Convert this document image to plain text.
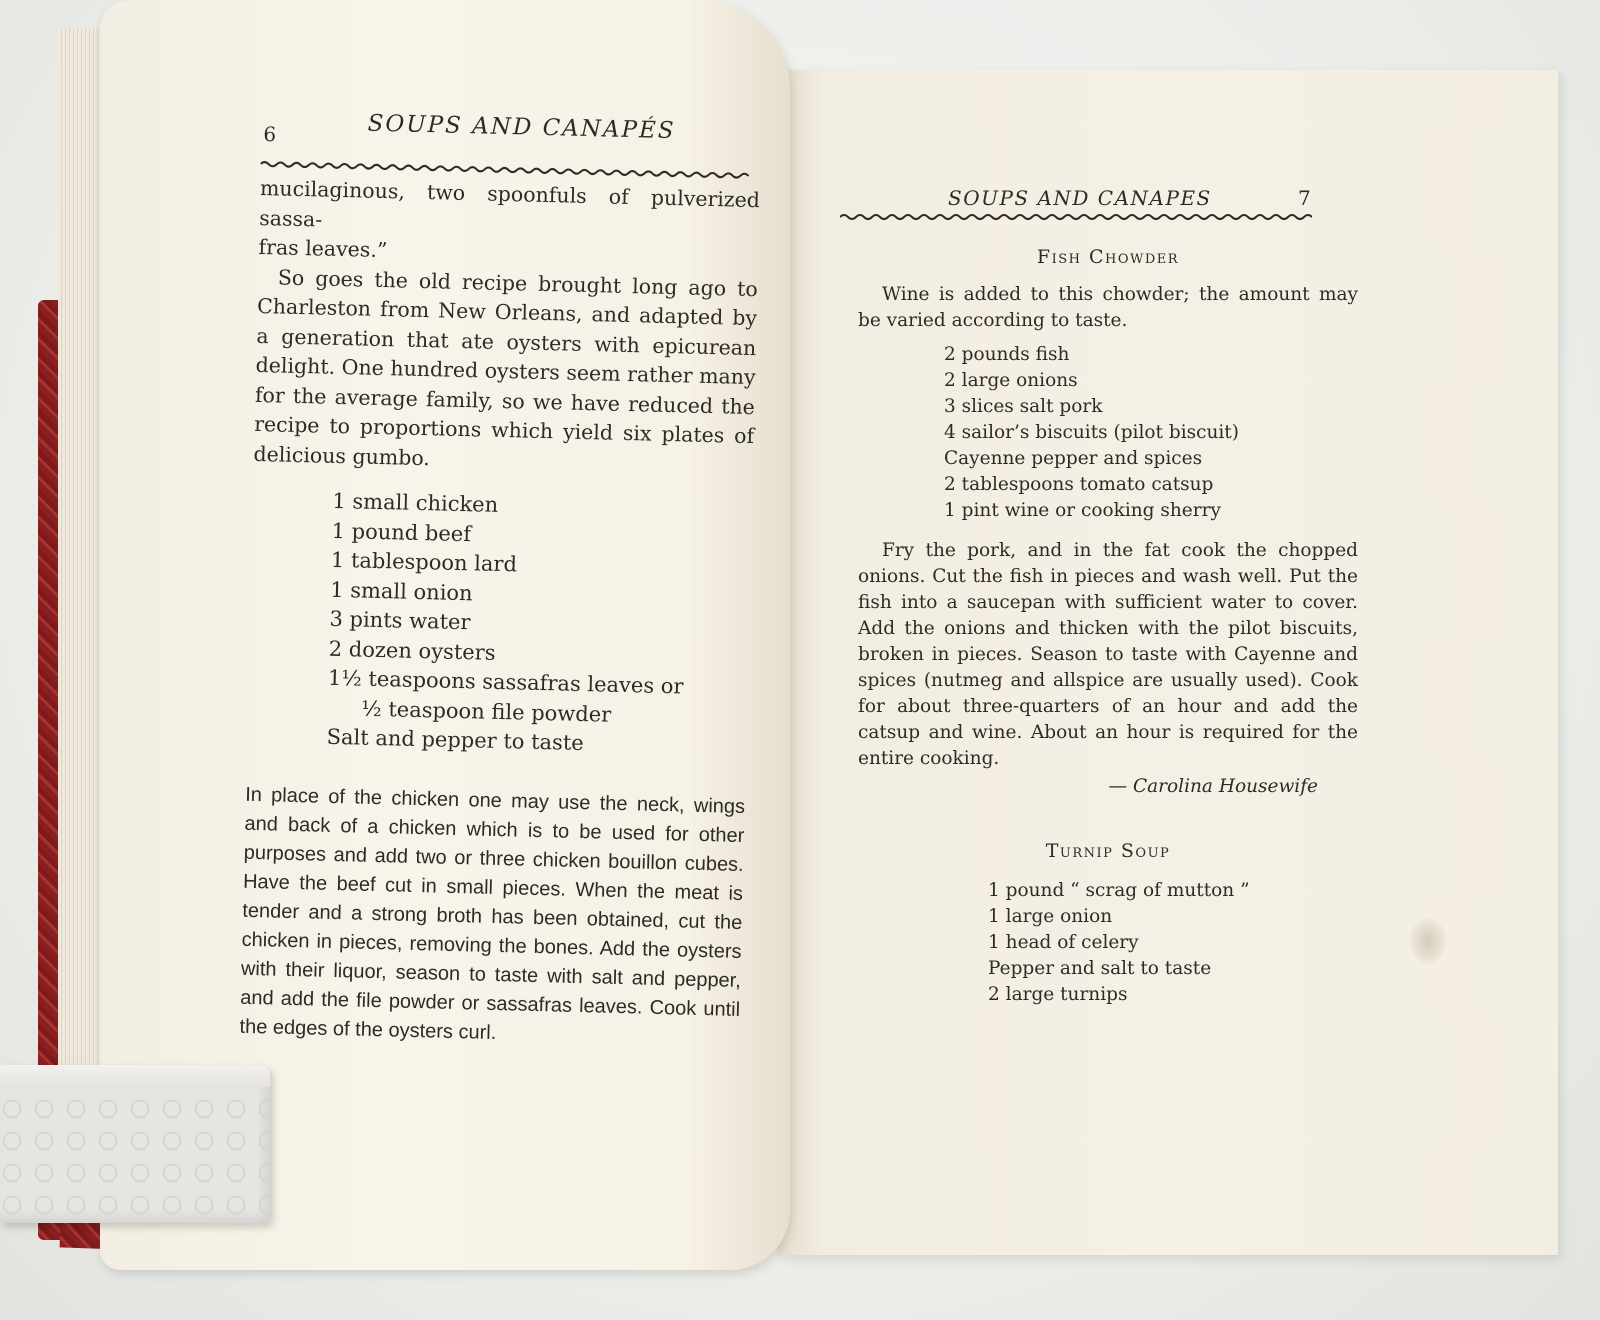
6	SOUPS AND CANAPÉS

mucilaginous, two spoonfuls of pulverized sassa-

fras leaves.”

So goes the old recipe brought long ago to Charleston from New Orleans, and adapted by a generation that ate oysters with epicurean delight. One hundred oysters seem rather many for the average family, so we have reduced the recipe to proportions which yield six plates of delicious gumbo.

1 small chicken
1 pound beef
1 tablespoon lard
1 small onion
3 pints water
2 dozen oysters
1½ teaspoons sassafras leaves or
½ teaspoon file powder
Salt and pepper to taste
In place of the chicken one may use the neck, wings and back of a chicken which is to be used for other purposes and add two or three chicken bouillon cubes. Have the beef cut in small pieces. When the meat is tender and a strong broth has been obtained, cut the chicken in pieces, removing the bones. Add the oysters with their liquor, season to taste with salt and pepper, and add the file powder or sassafras leaves. Cook until the edges of the oysters curl.
SOUPS AND CANAPES	7
Fish Chowder

Wine is added to this chowder; the amount may be varied according to taste.

2 pounds fish
2 large onions
3 slices salt pork
4 sailor’s biscuits (pilot biscuit)
Cayenne pepper and spices
2 tablespoons tomato catsup
1 pint wine or cooking sherry

Fry the pork, and in the fat cook the chopped onions. Cut the fish in pieces and wash well. Put the fish into a saucepan with sufficient water to cover. Add the onions and thicken with the pilot biscuits, broken in pieces. Season to taste with Cayenne and spices (nutmeg and allspice are usually used). Cook for about three-quarters of an hour and add the catsup and wine. About an hour is required for the entire cooking.

— Carolina Housewife
Turnip Soup
1 pound “ scrag of mutton ”
1 large onion
1 head of celery
Pepper and salt to taste
2 large turnips
